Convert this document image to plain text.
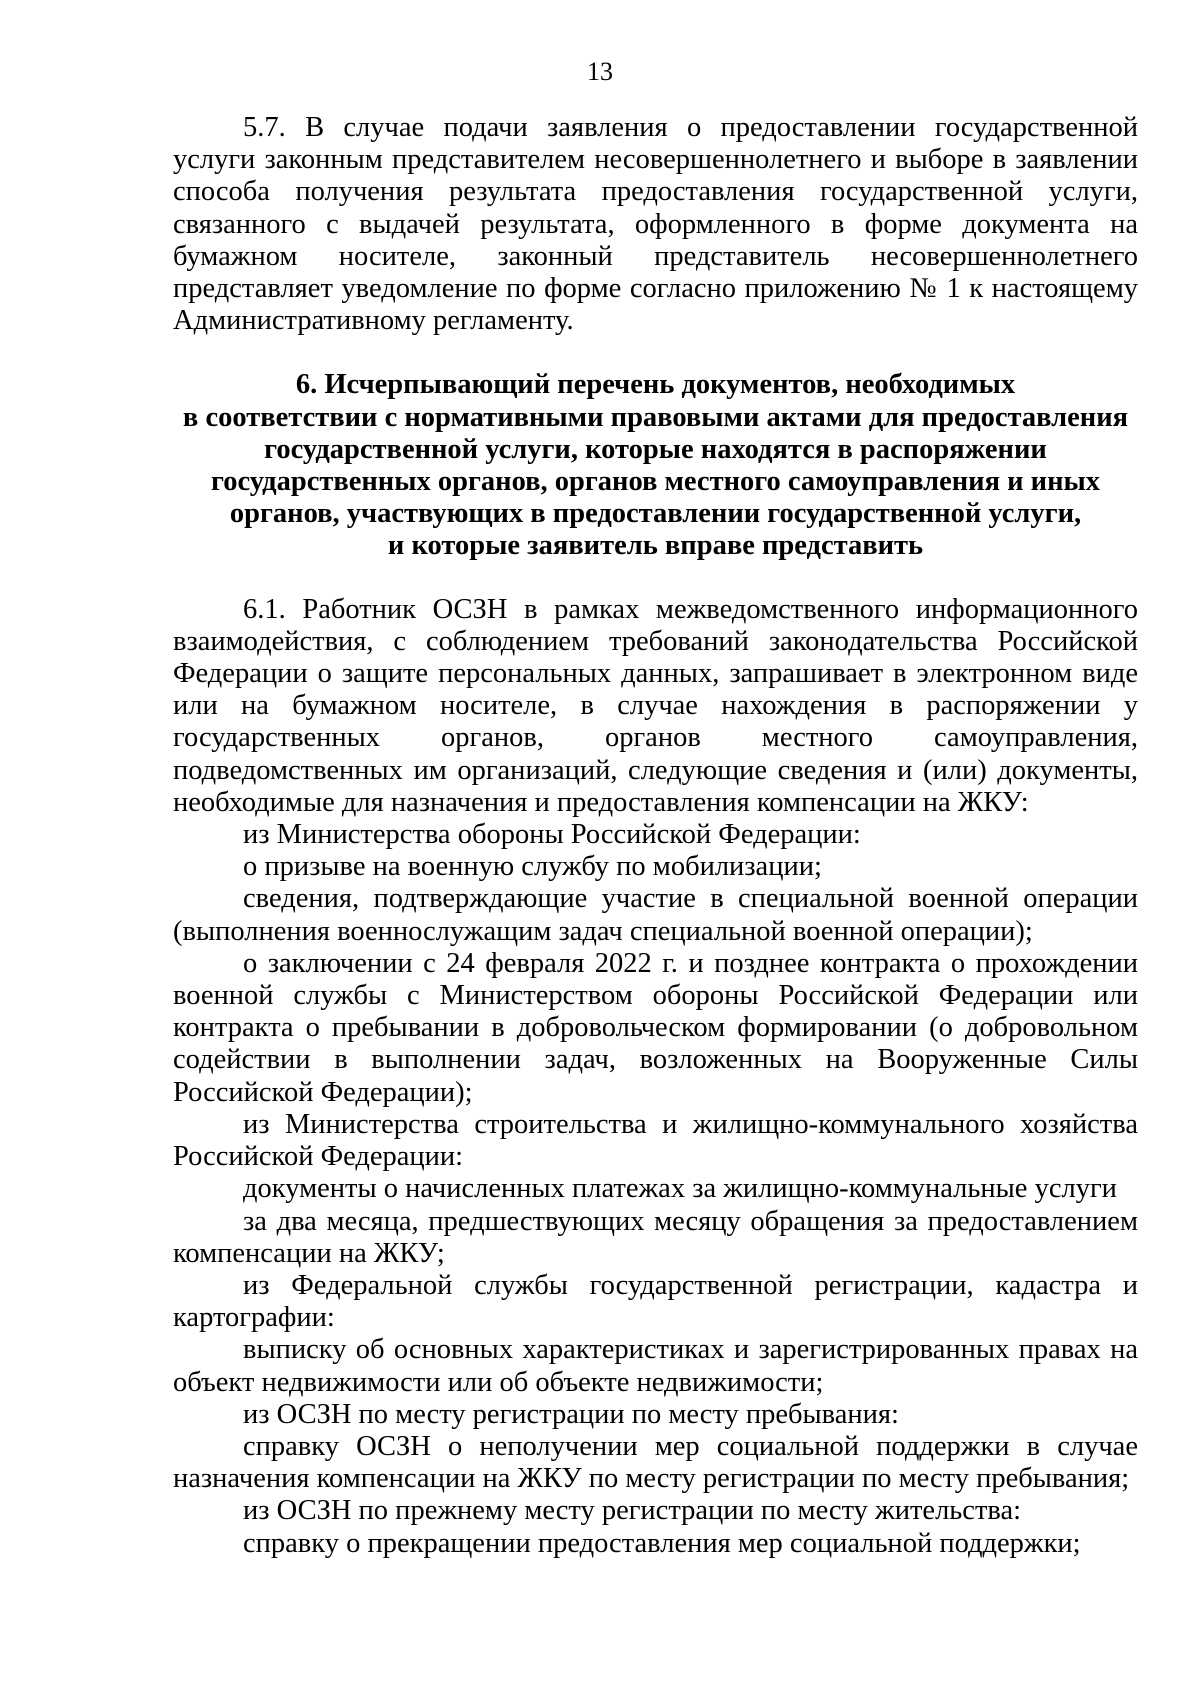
13

5.7. В случае подачи заявления о предоставлении государственной услуги законным представителем несовершеннолетнего и выборе в заявлении способа получения результата предоставления государственной услуги, связанного с выдачей результата, оформленного в форме документа на бумажном носителе, законный представитель несовершеннолетнего представляет уведомление по форме согласно приложению № 1 к настоящему Административному регламенту.

6. Исчерпывающий перечень документов, необходимых
в соответствии с нормативными правовыми актами для предоставления
государственной услуги, которые находятся в распоряжении
государственных органов, органов местного самоуправления и иных
органов, участвующих в предоставлении государственной услуги,
и которые заявитель вправе представить

6.1. Работник ОСЗН в рамках межведомственного информационного взаимодействия, с соблюдением требований законодательства Российской Федерации о защите персональных данных, запрашивает в электронном виде или на бумажном носителе, в случае нахождения в распоряжении у государственных органов, органов местного самоуправления, подведомственных им организаций, следующие сведения и (или) документы, необходимые для назначения и предоставления компенсации на ЖКУ:

из Министерства обороны Российской Федерации:

о призыве на военную службу по мобилизации;

сведения, подтверждающие участие в специальной военной операции (выполнения военнослужащим задач специальной военной операции);

о заключении с 24 февраля 2022 г. и позднее контракта о прохождении военной службы с Министерством обороны Российской Федерации или контракта о пребывании в добровольческом формировании (о добровольном содействии в выполнении задач, возложенных на Вооруженные Силы Российской Федерации);

из Министерства строительства и жилищно-коммунального хозяйства Российской Федерации:

документы о начисленных платежах за жилищно-коммунальные услуги

за два месяца, предшествующих месяцу обращения за предоставлением компенсации на ЖКУ;

из Федеральной службы государственной регистрации, кадастра и картографии:

выписку об основных характеристиках и зарегистрированных правах на объект недвижимости или об объекте недвижимости;

из ОСЗН по месту регистрации по месту пребывания:

справку ОСЗН о неполучении мер социальной поддержки в случае назначения компенсации на ЖКУ по месту регистрации по месту пребывания;

из ОСЗН по прежнему месту регистрации по месту жительства:

справку о прекращении предоставления мер социальной поддержки;
